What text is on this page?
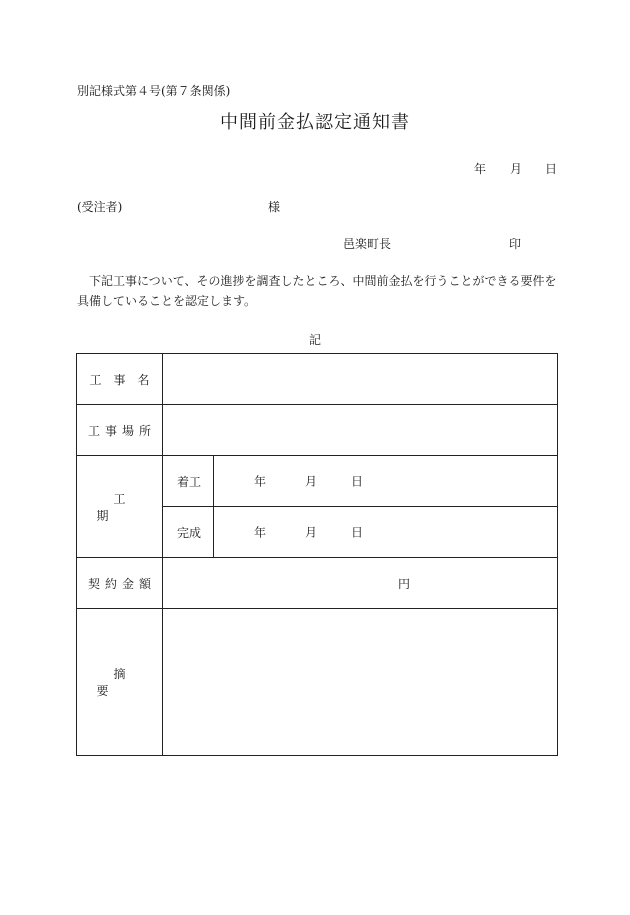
別記様式第４号(第７条関係)
中間前金払認定通知書
年 月 日
(受注者)	様
邑楽町長	印
下記工事について、その進捗を調査したところ、中間前金払を行うことができる要件を具備していることを認定します。
記
工事名		
工事場所		
工期	着工	年 月 日

	完成	年 月 日

契約金額	円	
摘要		
